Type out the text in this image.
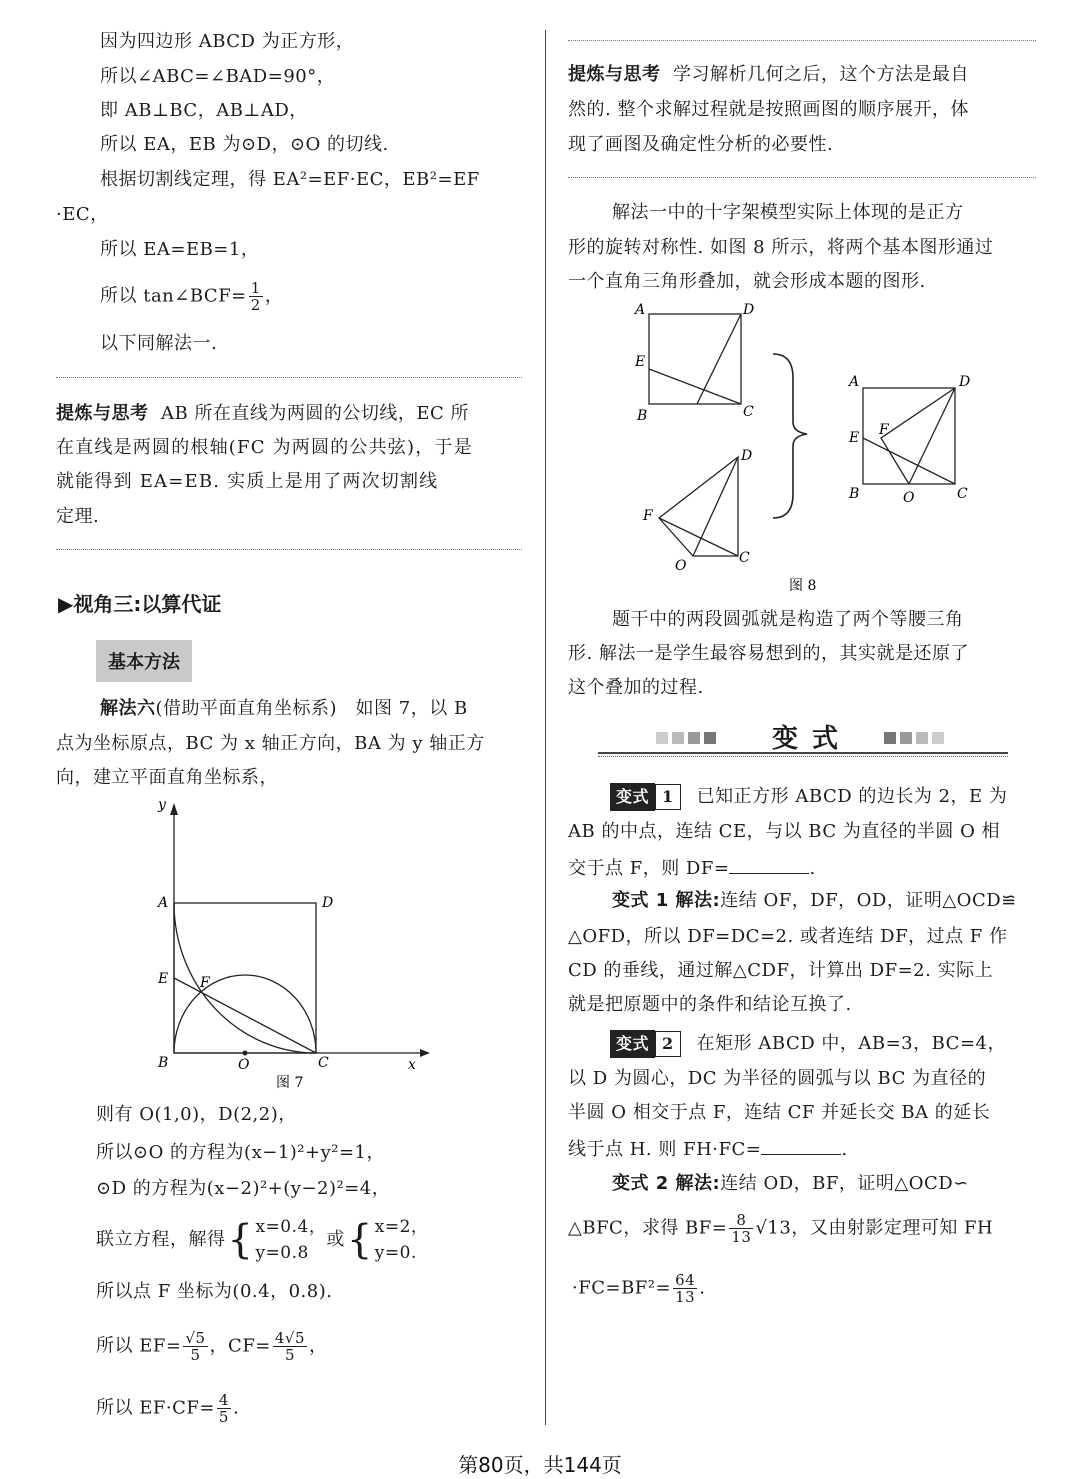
因为四边形 ABCD 为正方形，
所以∠ABC=∠BAD=90°，
即 AB⊥BC，AB⊥AD，
所以 EA，EB 为⊙D，⊙O 的切线.
根据切割线定理，得 EA²=EF·EC，EB²=EF
·EC，
所以 EA=EB=1，
所以 tan∠BCF= $\frac{1}{2}$ ，
以下同解法一.
提炼与思考 AB 所在直线为两圆的公切线，EC 所
在直线是两圆的根轴(FC 为两圆的公共弦)，于是
就能得到 EA=EB. 实质上是用了两次切割线
定理.
▶视角三:以算代证
基本方法
解法六(借助平面直角坐标系)　如图 7，以 B
点为坐标原点，BC 为 x 轴正方向，BA 为 y 轴正方
向，建立平面直角坐标系，
y
A	D
E F
B	O	C	x
图 7
则有 O(1,0)，D(2,2)，
所以⊙O 的方程为(x−1)²+y²=1，
⊙D 的方程为(x−2)²+(y−2)²=4，
联立方程，解得{ x=0.4，
y=0.8
或{ x=2，
y=0.
所以点 F 坐标为(0.4，0.8).
所以 $EF= \frac{√5}{5}$ ，$CF= \frac{4√5}{5}$ ，
所以 $EF\cdot CF= \frac{4}{5}$ .
提炼与思考 学习解析几何之后，这个方法是最自
然的. 整个求解过程就是按照画图的顺序展开，体
现了画图及确定性分析的必要性.
解法一中的十字架模型实际上体现的是正方
形的旋转对称性. 如图 8 所示，将两个基本图形通过
一个直角三角形叠加，就会形成本题的图形.
A	D
E
B	C
D
F
O	C
A	D
E F
B	O	C
图 8
题干中的两段圆弧就是构造了两个等腰三角
形. 解法一是学生最容易想到的，其实就是还原了
这个叠加的过程.
变式
变式 1 已知正方形 ABCD 的边长为 2，E 为
AB 的中点，连结 CE，与以 BC 为直径的半圆 O 相
交于点 F，则 DF=	.
变式 1 解法:连结 OF，DF，OD，证明△OCD≌
△OFD，所以 DF=DC=2. 或者连结 DF，过点 F 作
CD 的垂线，通过解△CDF，计算出 DF=2. 实际上
就是把原题中的条件和结论互换了.
变式 2 在矩形 ABCD 中，AB=3，BC=4，
以 D 为圆心，DC 为半径的圆弧与以 BC 为直径的
半圆 O 相交于点 F，连结 CF 并延长交 BA 的延长
线于点 H. 则 FH·FC=	.
变式 2 解法:连结 OD，BF，证明△OCD∽
△BFC，求得 $BF= \frac{8}{13} √13$，又由射影定理可知 FH
$\cdot FC=BF^2= \frac{64}{13}$ .
第80页，共144页
